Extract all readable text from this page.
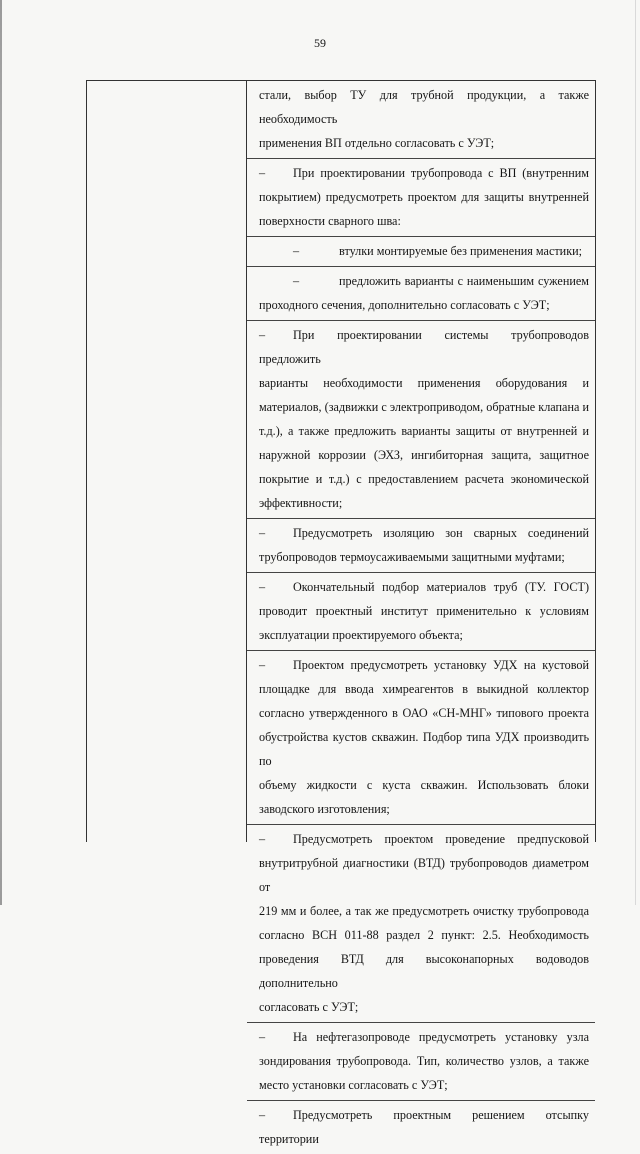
59
стали, выбор ТУ для трубной продукции, а также необходимость
применения ВП отдельно согласовать с УЭТ;
– При проектировании трубопровода с ВП (внутренним
покрытием) предусмотреть проектом для защиты внутренней
поверхности сварного шва:
–	втулки монтируемые без применения мастики;
–	предложить варианты с наименьшим сужением
проходного сечения, дополнительно согласовать с УЭТ;
– При проектировании системы трубопроводов предложить
варианты необходимости применения оборудования и
материалов, (задвижки с электроприводом, обратные клапана и
т.д.), а также предложить варианты защиты от внутренней и
наружной коррозии (ЭХЗ, ингибиторная защита, защитное
покрытие и т.д.) с предоставлением расчета экономической
эффективности;
– Предусмотреть изоляцию зон сварных соединений
трубопроводов термоусаживаемыми защитными муфтами;
– Окончательный подбор материалов труб (ТУ. ГОСТ)
проводит проектный институт применительно к условиям
эксплуатации проектируемого объекта;
– Проектом предусмотреть установку УДХ на кустовой
площадке для ввода химреагентов в выкидной коллектор
согласно утвержденного в ОАО «СН-МНГ» типового проекта
обустройства кустов скважин. Подбор типа УДХ производить по
объему жидкости с куста скважин. Использовать блоки
заводского изготовления;
– Предусмотреть проектом проведение предпусковой
внутритрубной диагностики (ВТД) трубопроводов диаметром от
219 мм и более, а так же предусмотреть очистку трубопровода
согласно ВСН 011-88 раздел 2 пункт: 2.5. Необходимость
проведения ВТД для высоконапорных водоводов дополнительно
согласовать с УЭТ;
– На нефтегазопроводе предусмотреть установку узла
зондирования трубопровода. Тип, количество узлов, а также
место установки согласовать с УЭТ;
– Предусмотреть проектным решением отсыпку территории
